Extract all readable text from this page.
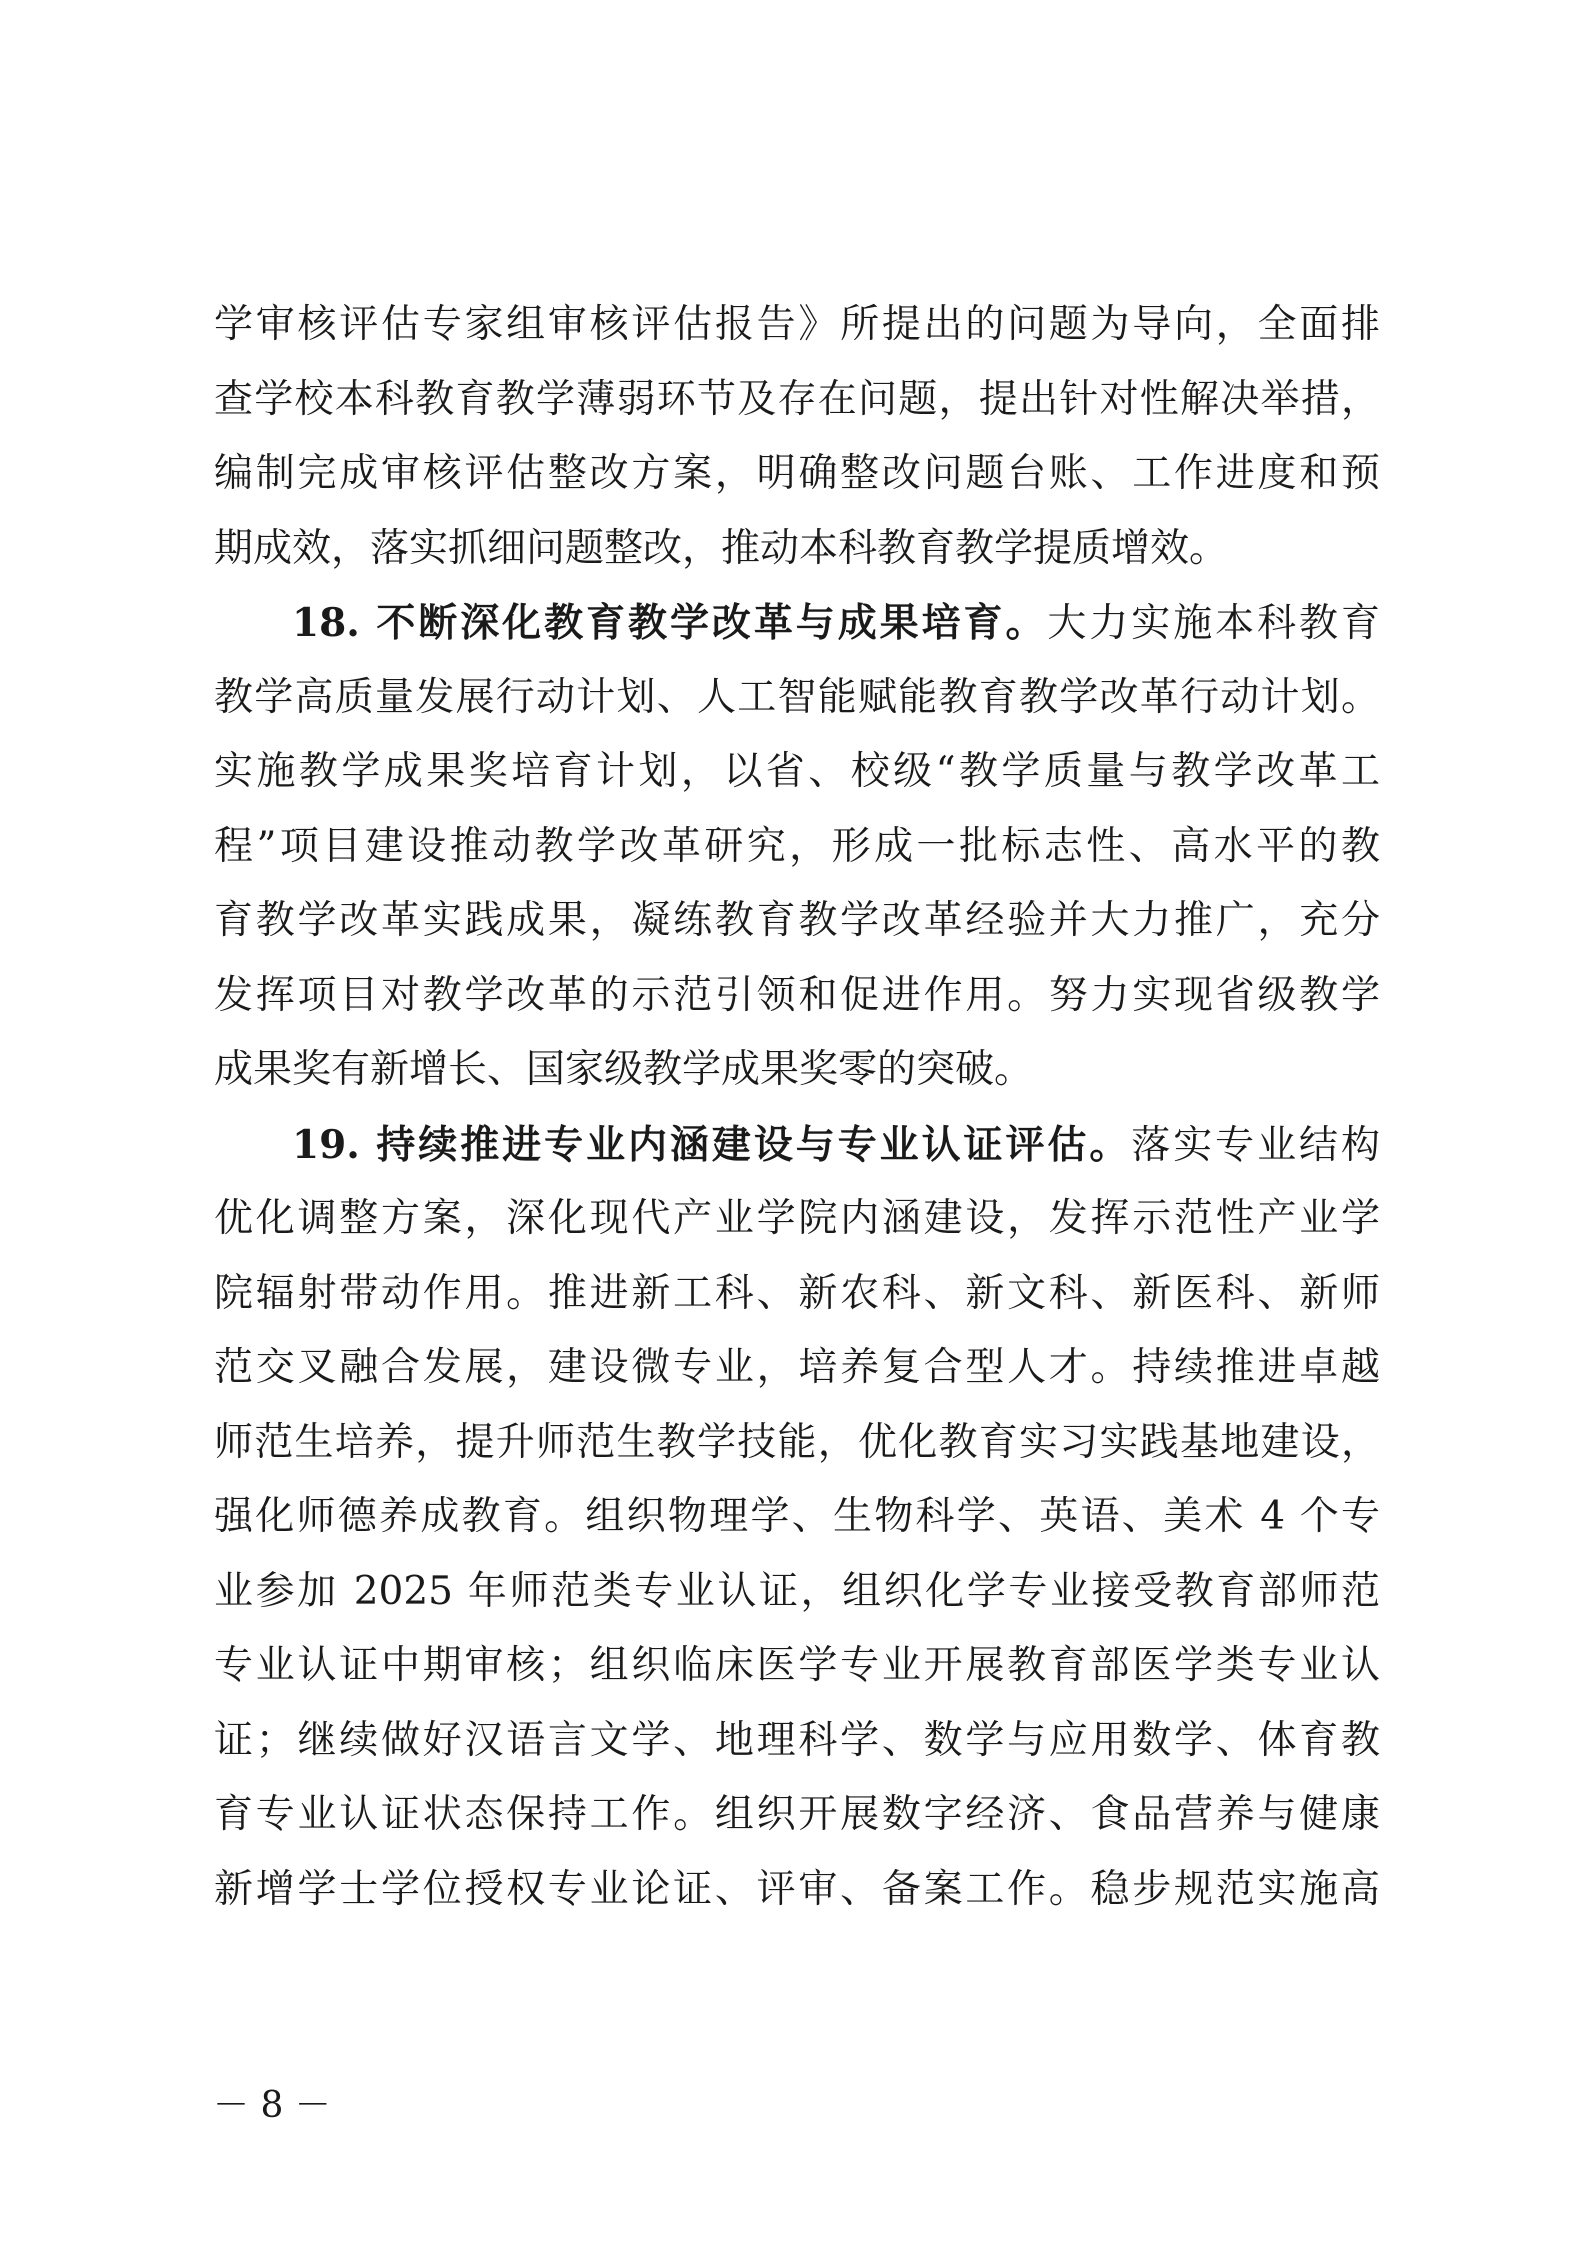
学审核评估专家组审核评估报告》所提出的问题为导向，全面排
查学校本科教育教学薄弱环节及存在问题，提出针对性解决举措，
编制完成审核评估整改方案，明确整改问题台账、工作进度和预
期成效，落实抓细问题整改，推动本科教育教学提质增效。
18. 不断深化教育教学改革与成果培育。大力实施本科教育
教学高质量发展行动计划、人工智能赋能教育教学改革行动计划。
实施教学成果奖培育计划，以省、校级“教学质量与教学改革工
程”项目建设推动教学改革研究，形成一批标志性、高水平的教
育教学改革实践成果，凝练教育教学改革经验并大力推广，充分
发挥项目对教学改革的示范引领和促进作用。努力实现省级教学
成果奖有新增长、国家级教学成果奖零的突破。
19. 持续推进专业内涵建设与专业认证评估。落实专业结构
优化调整方案，深化现代产业学院内涵建设，发挥示范性产业学
院辐射带动作用。推进新工科、新农科、新文科、新医科、新师
范交叉融合发展，建设微专业，培养复合型人才。持续推进卓越
师范生培养，提升师范生教学技能，优化教育实习实践基地建设，
强化师德养成教育。组织物理学、生物科学、英语、美术 4 个专
业参加 2025 年师范类专业认证，组织化学专业接受教育部师范
专业认证中期审核；组织临床医学专业开展教育部医学类专业认
证；继续做好汉语言文学、地理科学、数学与应用数学、体育教
育专业认证状态保持工作。组织开展数字经济、食品营养与健康
新增学士学位授权专业论证、评审、备案工作。稳步规范实施高
－ 8 －
